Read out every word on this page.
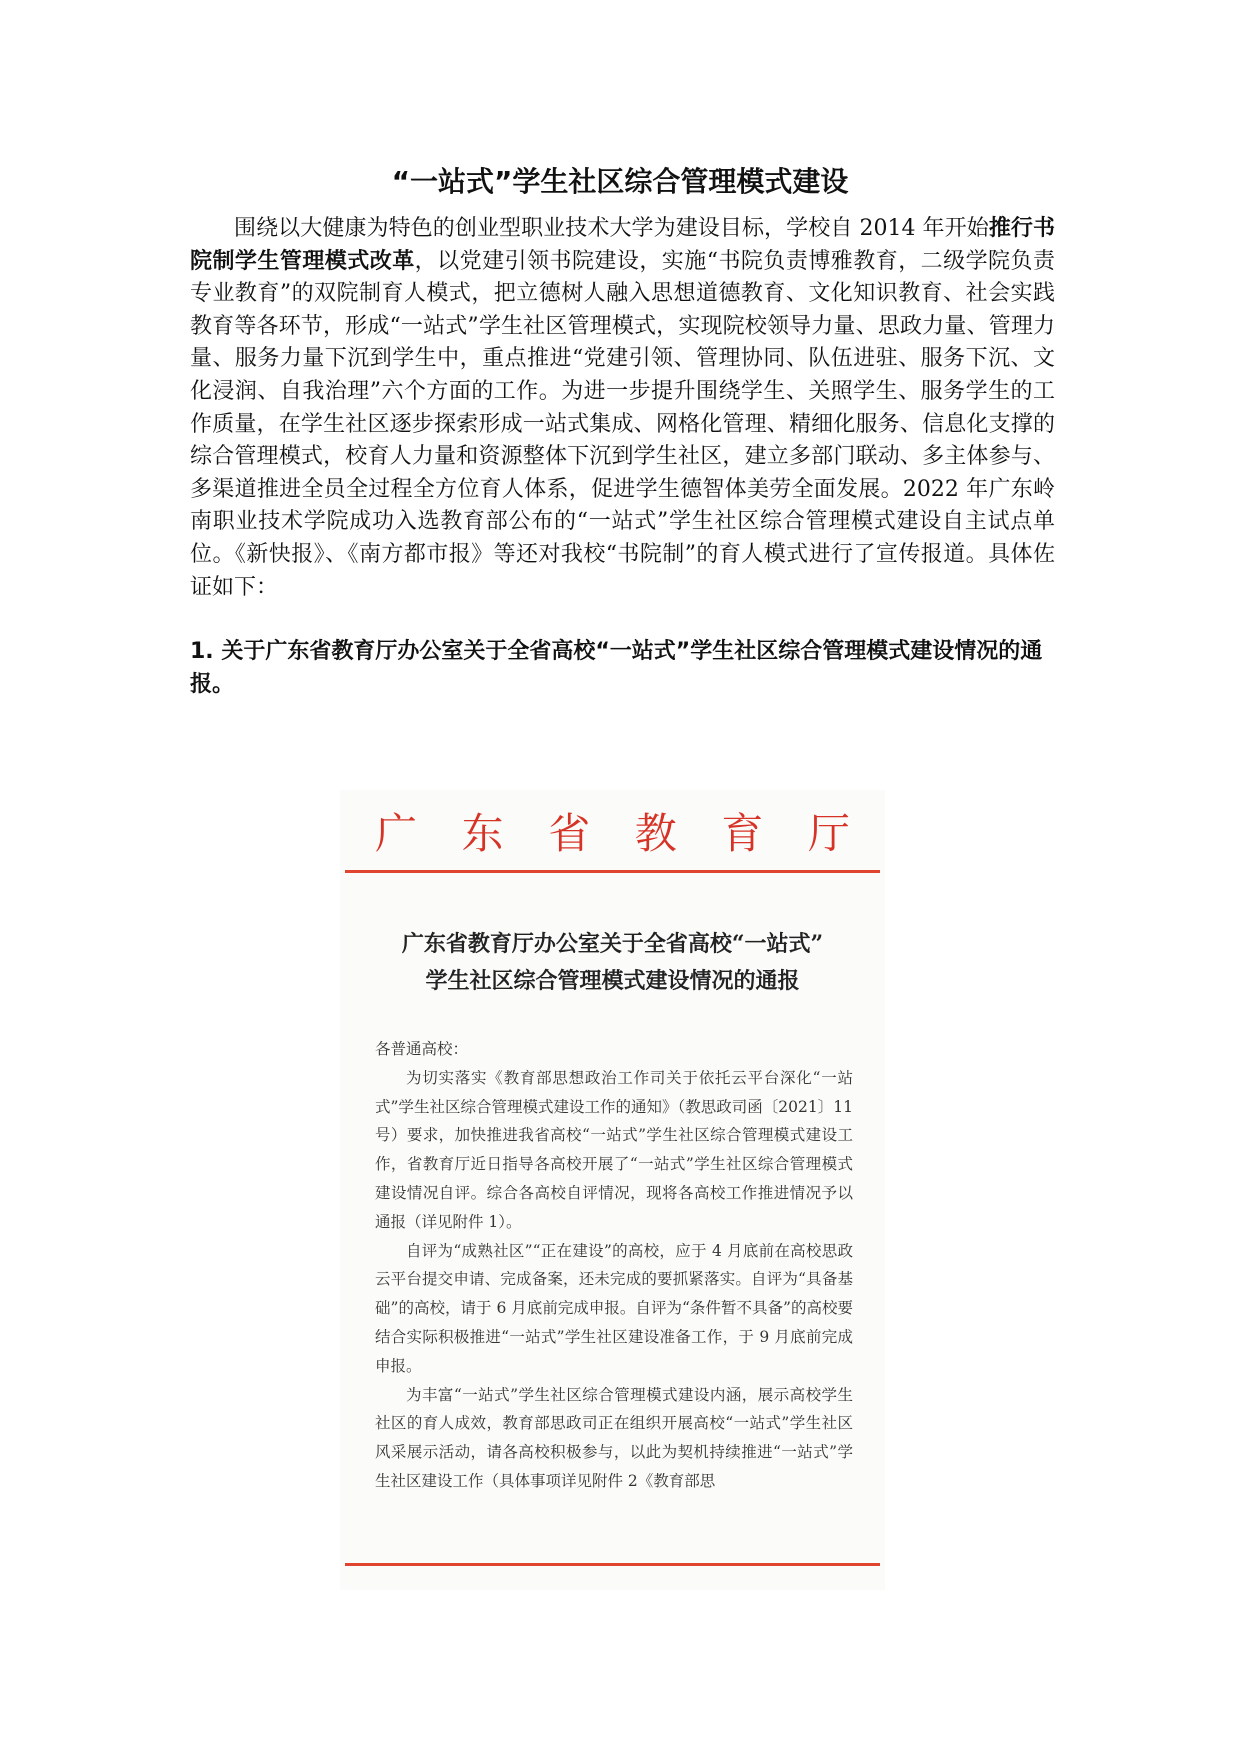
“一站式”学生社区综合管理模式建设

围绕以大健康为特色的创业型职业技术大学为建设目标，学校自 2014 年开始推行书院制学生管理模式改革，以党建引领书院建设，实施“书院负责博雅教育，二级学院负责专业教育”的双院制育人模式，把立德树人融入思想道德教育、文化知识教育、社会实践教育等各环节，形成“一站式”学生社区管理模式，实现院校领导力量、思政力量、管理力量、服务力量下沉到学生中，重点推进“党建引领、管理协同、队伍进驻、服务下沉、文化浸润、自我治理”六个方面的工作。为进一步提升围绕学生、关照学生、服务学生的工作质量，在学生社区逐步探索形成一站式集成、网格化管理、精细化服务、信息化支撑的综合管理模式，校育人力量和资源整体下沉到学生社区，建立多部门联动、多主体参与、多渠道推进全员全过程全方位育人体系，促进学生德智体美劳全面发展。2022 年广东岭南职业技术学院成功入选教育部公布的“一站式”学生社区综合管理模式建设自主试点单位。《新快报》、《南方都市报》等还对我校“书院制”的育人模式进行了宣传报道。具体佐证如下：

1. 关于广东省教育厅办公室关于全省高校“一站式”学生社区综合管理模式建设情况的通报。

广 东 省 教 育 厅
广东省教育厅办公室关于全省高校“一站式”
学生社区综合管理模式建设情况的通报

各普通高校：

为切实落实《教育部思想政治工作司关于依托云平台深化“一站式”学生社区综合管理模式建设工作的通知》（教思政司函〔2021〕11 号）要求，加快推进我省高校“一站式”学生社区综合管理模式建设工作，省教育厅近日指导各高校开展了“一站式”学生社区综合管理模式建设情况自评。综合各高校自评情况，现将各高校工作推进情况予以通报（详见附件 1）。

自评为“成熟社区”“正在建设”的高校，应于 4 月底前在高校思政云平台提交申请、完成备案，还未完成的要抓紧落实。自评为“具备基础”的高校，请于 6 月底前完成申报。自评为“条件暂不具备”的高校要结合实际积极推进“一站式”学生社区建设准备工作，于 9 月底前完成申报。

为丰富“一站式”学生社区综合管理模式建设内涵，展示高校学生社区的育人成效，教育部思政司正在组织开展高校“一站式”学生社区风采展示活动，请各高校积极参与，以此为契机持续推进“一站式”学生社区建设工作（具体事项详见附件 2《教育部思
